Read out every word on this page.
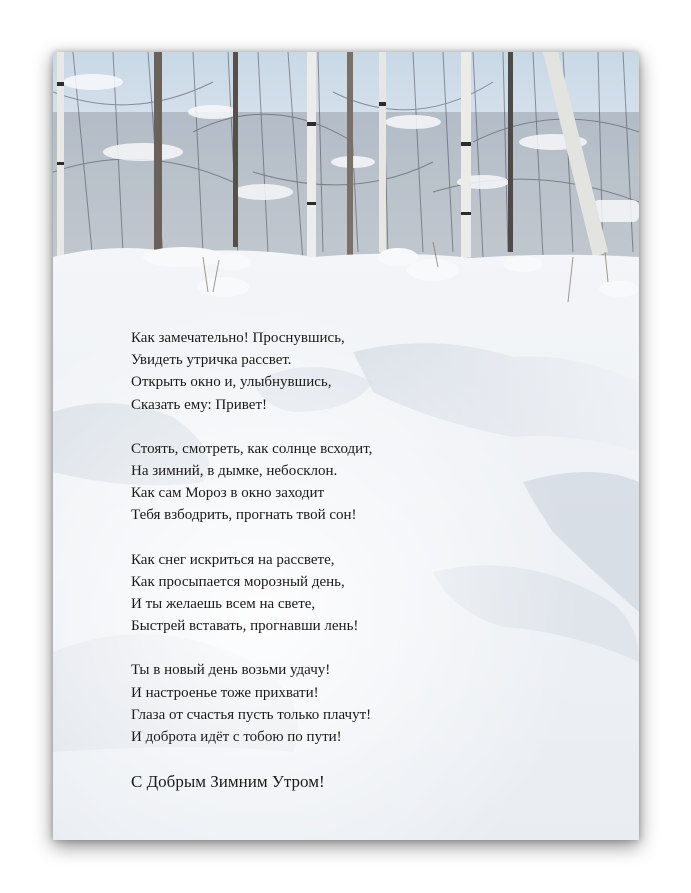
Как замечательно! Проснувшись,
Увидеть утричка рассвет.
Открыть окно и, улыбнувшись,
Сказать ему: Привет!
Стоять, смотреть, как солнце всходит,
На зимний, в дымке, небосклон.
Как сам Мороз в окно заходит
Тебя взбодрить, прогнать твой сон!
Как снег искриться на рассвете,
Как просыпается морозный день,
И ты желаешь всем на свете,
Быстрей вставать, прогнавши лень!
Ты в новый день возьми удачу!
И настроенье тоже прихвати!
Глаза от счастья пусть только плачут!
И доброта идёт с тобою по пути!
С Добрым Зимним Утром!
